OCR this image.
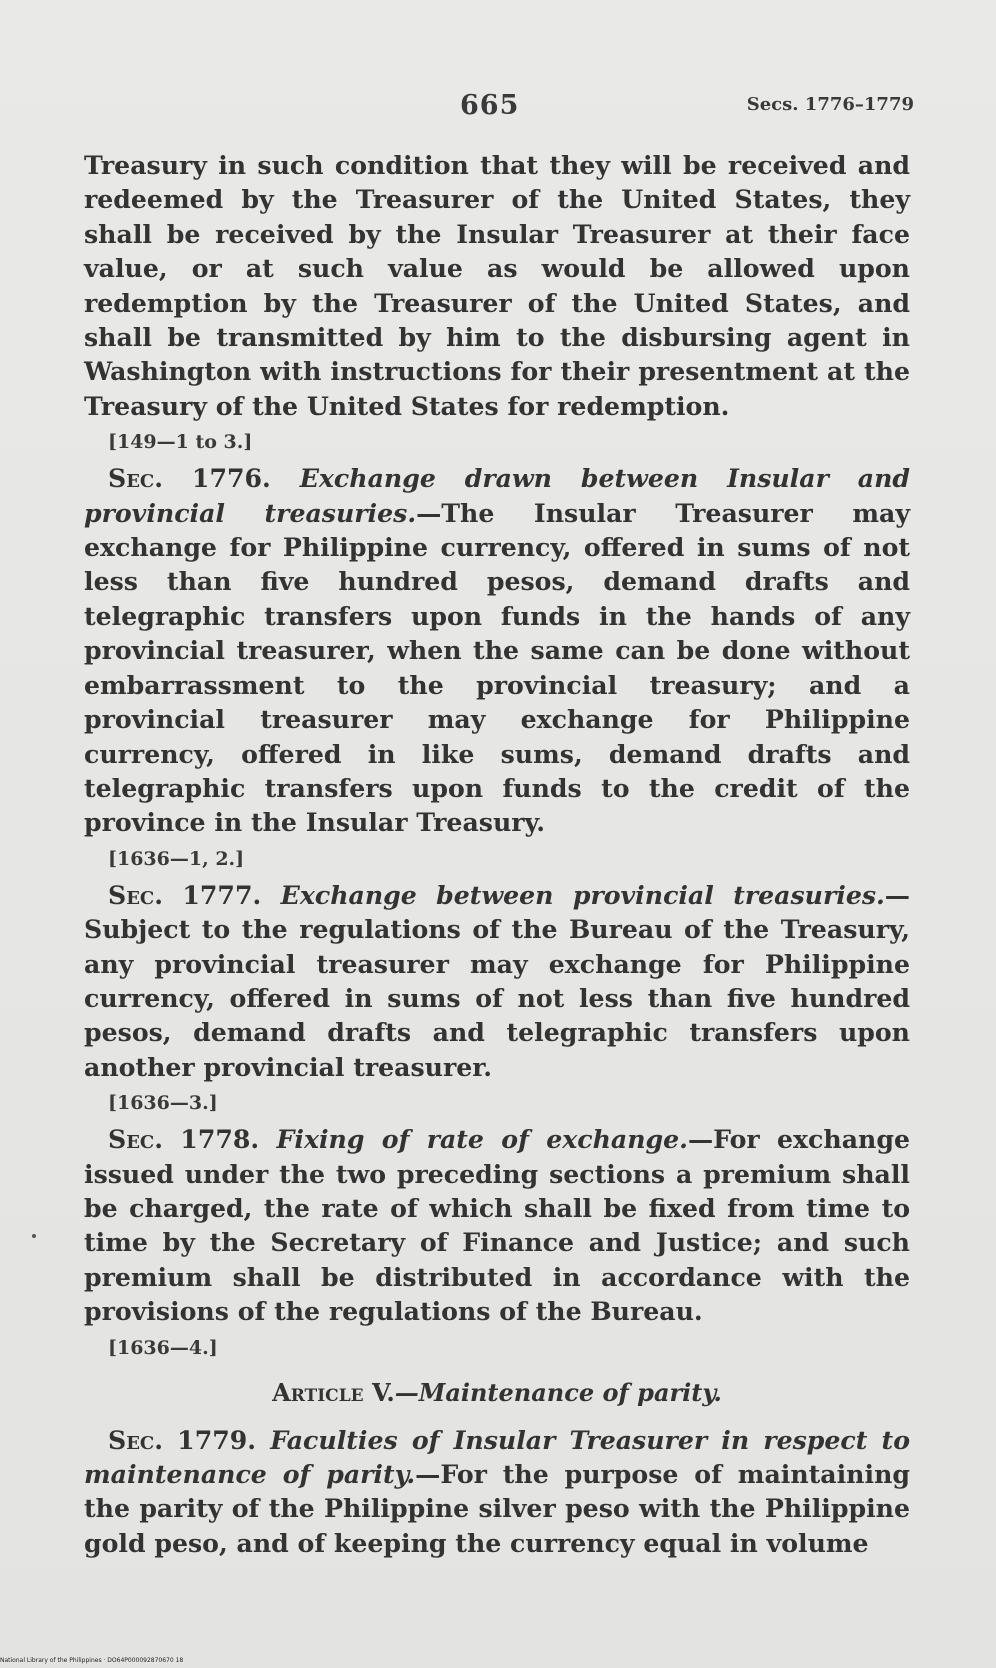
665	Secs. 1776–1779

Treasury in such condition that they will be received and redeemed by the Treasurer of the United States, they shall be received by the Insular Treasurer at their face value, or at such value as would be allowed upon redemption by the Treasurer of the United States, and shall be transmitted by him to the disbursing agent in Washington with instructions for their presentment at the Treasury of the United States for redemption.

[149—1 to 3.]

Sec. 1776. Exchange drawn between Insular and provincial treasuries.—The Insular Treasurer may exchange for Philippine currency, offered in sums of not less than five hundred pesos, demand drafts and telegraphic transfers upon funds in the hands of any provincial treasurer, when the same can be done without embarrassment to the provincial treasury; and a provincial treasurer may exchange for Philippine currency, offered in like sums, demand drafts and telegraphic transfers upon funds to the credit of the province in the Insular Treasury.

[1636—1, 2.]

Sec. 1777. Exchange between provincial treasuries.—Subject to the regulations of the Bureau of the Treasury, any provincial treasurer may exchange for Philippine currency, offered in sums of not less than five hundred pesos, demand drafts and telegraphic transfers upon another provincial treasurer.

[1636—3.]

Sec. 1778. Fixing of rate of exchange.—For exchange issued under the two preceding sections a premium shall be charged, the rate of which shall be fixed from time to time by the Secretary of Finance and Justice; and such premium shall be distributed in accordance with the provisions of the regulations of the Bureau.

[1636—4.]
Article V.—Maintenance of parity.

Sec. 1779. Faculties of Insular Treasurer in respect to maintenance of parity.—For the purpose of maintaining the parity of the Philippine silver peso with the Philippine gold peso, and of keeping the currency equal in volume

National Library of the Philippines · DO64P000092870670 18
